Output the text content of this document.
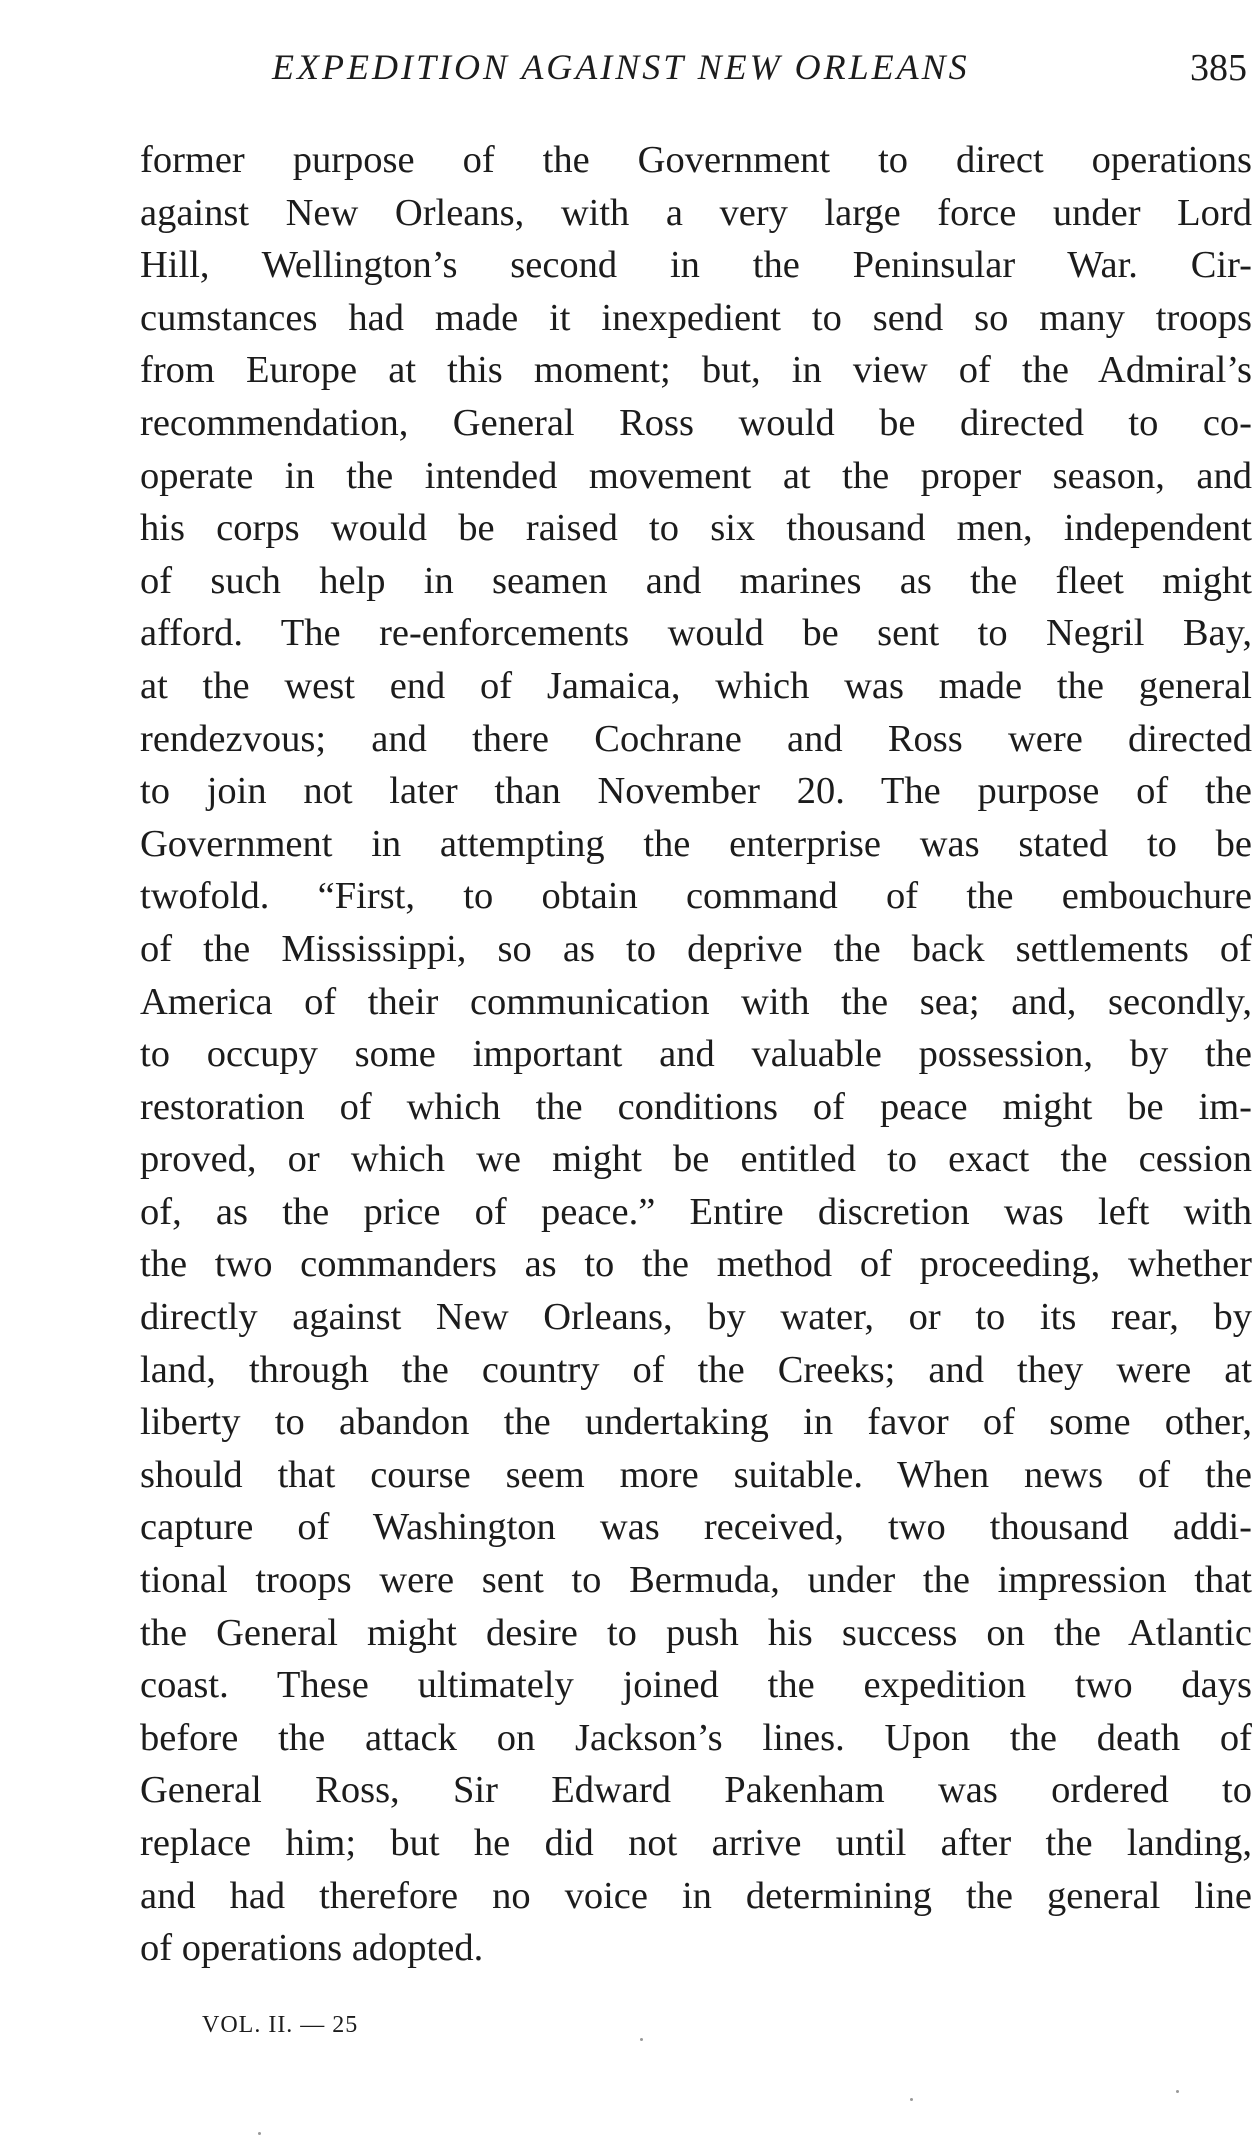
EXPEDITION AGAINST NEW ORLEANS	385
former purpose of the Government to direct operations
against New Orleans, with a very large force under Lord
Hill, Wellington’s second in the Peninsular War. Cir-
cumstances had made it inexpedient to send so many troops
from Europe at this moment; but, in view of the Admiral’s
recommendation, General Ross would be directed to co-
operate in the intended movement at the proper season, and
his corps would be raised to six thousand men, independent
of such help in seamen and marines as the fleet might
afford. The re-enforcements would be sent to Negril Bay,
at the west end of Jamaica, which was made the general
rendezvous; and there Cochrane and Ross were directed
to join not later than November 20. The purpose of the
Government in attempting the enterprise was stated to be
twofold. “First, to obtain command of the embouchure
of the Mississippi, so as to deprive the back settlements of
America of their communication with the sea; and, secondly,
to occupy some important and valuable possession, by the
restoration of which the conditions of peace might be im-
proved, or which we might be entitled to exact the cession
of, as the price of peace.” Entire discretion was left with
the two commanders as to the method of proceeding, whether
directly against New Orleans, by water, or to its rear, by
land, through the country of the Creeks; and they were at
liberty to abandon the undertaking in favor of some other,
should that course seem more suitable. When news of the
capture of Washington was received, two thousand addi-
tional troops were sent to Bermuda, under the impression that
the General might desire to push his success on the Atlantic
coast. These ultimately joined the expedition two days
before the attack on Jackson’s lines. Upon the death of
General Ross, Sir Edward Pakenham was ordered to
replace him; but he did not arrive until after the landing,
and had therefore no voice in determining the general line
of operations adopted.
VOL. II. — 25
